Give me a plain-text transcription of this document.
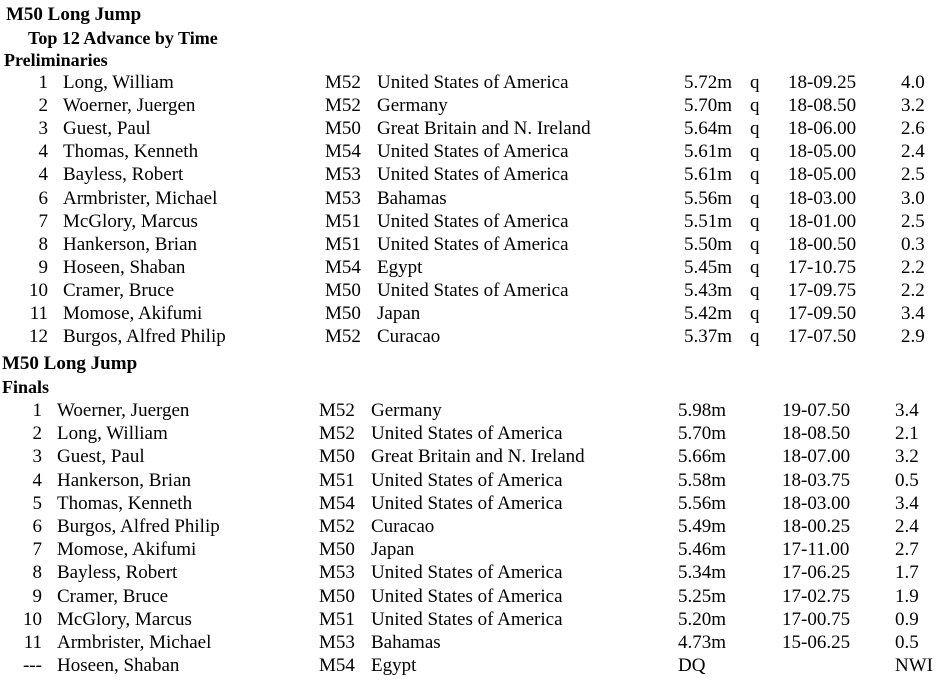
M50 Long Jump
Top 12 Advance by Time
Preliminaries
1 Long, William	M52 United States of America	5.72m q 18-09.25 4.0
2 Woerner, Juergen	M52 Germany	5.70m q 18-08.50 3.2
3 Guest, Paul	M50 Great Britain and N. Ireland	5.64m q 18-06.00 2.6
4 Thomas, Kenneth	M54 United States of America	5.61m q 18-05.00 2.4
4 Bayless, Robert	M53 United States of America	5.61m q 18-05.00 2.5
6 Armbrister, Michael	M53 Bahamas	5.56m q 18-03.00 3.0
7 McGlory, Marcus	M51 United States of America	5.51m q 18-01.00 2.5
8 Hankerson, Brian	M51 United States of America	5.50m q 18-00.50 0.3
9 Hoseen, Shaban	M54 Egypt	5.45m q 17-10.75 2.2
10 Cramer, Bruce	M50 United States of America	5.43m q 17-09.75 2.2
11 Momose, Akifumi	M50 Japan	5.42m q 17-09.50 3.4
12 Burgos, Alfred Philip	M52 Curacao	5.37m q 17-07.50 2.9
M50 Long Jump
Finals
1 Woerner, Juergen	M52 Germany	5.98m	19-07.50 3.4
2 Long, William	M52 United States of America	5.70m	18-08.50 2.1
3 Guest, Paul	M50 Great Britain and N. Ireland	5.66m	18-07.00 3.2
4 Hankerson, Brian	M51 United States of America	5.58m	18-03.75 0.5
5 Thomas, Kenneth	M54 United States of America	5.56m	18-03.00 3.4
6 Burgos, Alfred Philip	M52 Curacao	5.49m	18-00.25 2.4
7 Momose, Akifumi	M50 Japan	5.46m	17-11.00 2.7
8 Bayless, Robert	M53 United States of America	5.34m	17-06.25 1.7
9 Cramer, Bruce	M50 United States of America	5.25m	17-02.75 1.9
10 McGlory, Marcus	M51 United States of America	5.20m	17-00.75 0.9
11 Armbrister, Michael	M53 Bahamas	4.73m	15-06.25 0.5
--- Hoseen, Shaban	M54 Egypt	DQ	NWI
